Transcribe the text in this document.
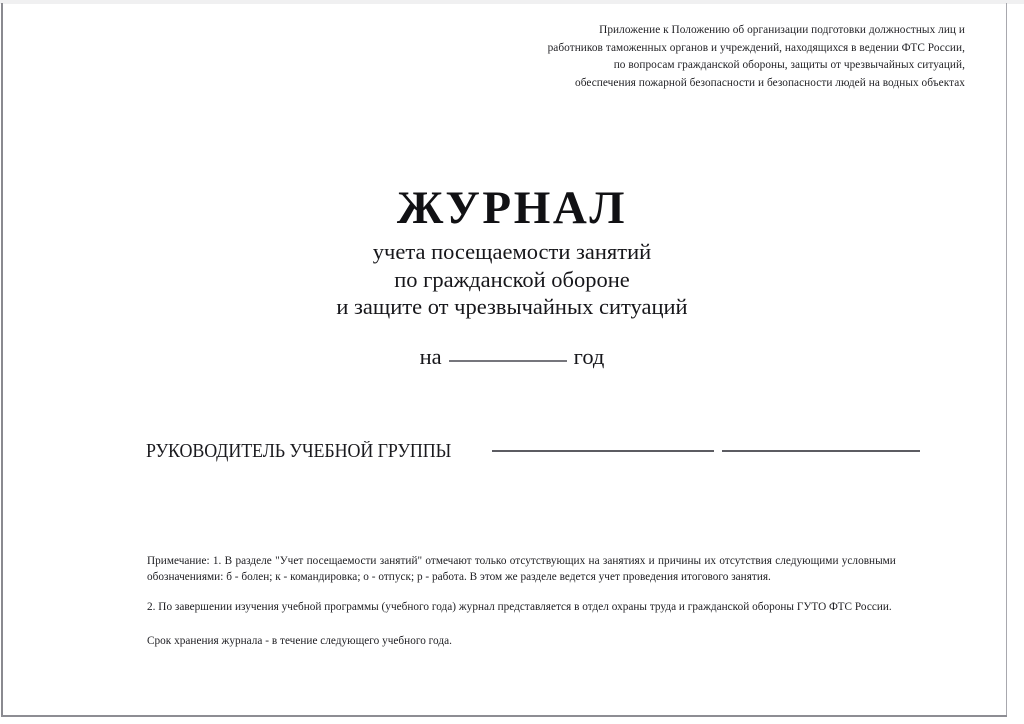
Приложение к Положению об организации подготовки должностных лиц и
работников таможенных органов и учреждений, находящихся в ведении ФТС России,
по вопросам гражданской обороны, защиты от чрезвычайных ситуаций,
обеспечения пожарной безопасности и безопасности людей на водных объектах
ЖУРНАЛ
учета посещаемости занятий
по гражданской обороне
и защите от чрезвычайных ситуаций
на	год
РУКОВОДИТЕЛЬ УЧЕБНОЙ ГРУППЫ

Примечание: 1. В разделе "Учет посещаемости занятий" отмечают только отсутствующих на занятиях и причины их отсутствия следующими условными обозначениями: б - болен; к - командировка; о - отпуск; р - работа. В этом же разделе ведется учет проведения итогового занятия.

2. По завершении изучения учебной программы (учебного года) журнал представляется в отдел охраны труда и гражданской обороны ГУТО ФТС России.

Срок хранения журнала - в течение следующего учебного года.
